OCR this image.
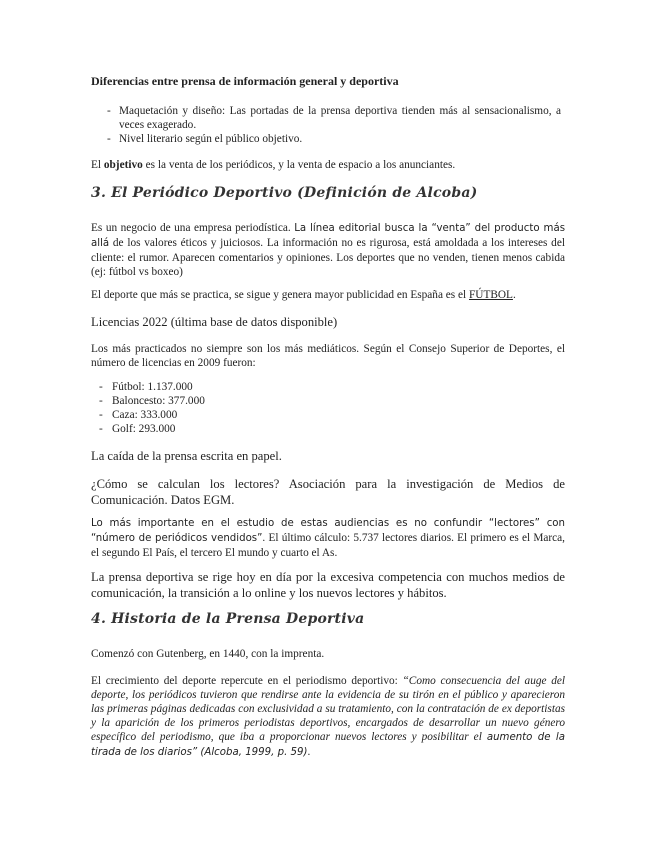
Diferencias entre prensa de información general y deportiva
- Maquetación y diseño: Las portadas de la prensa deportiva tienden más al sensacionalismo, a veces exagerado.
- Nivel literario según el público objetivo.
El objetivo es la venta de los periódicos, y la venta de espacio a los anunciantes.
3. El Periódico Deportivo (Definición de Alcoba)
Es un negocio de una empresa periodística. La línea editorial busca la “venta” del producto más allá de los valores éticos y juiciosos. La información no es rigurosa, está amoldada a los intereses del cliente: el rumor. Aparecen comentarios y opiniones. Los deportes que no venden, tienen menos cabida (ej: fútbol vs boxeo)
El deporte que más se practica, se sigue y genera mayor publicidad en España es el FÚTBOL.
Licencias 2022 (última base de datos disponible)
Los más practicados no siempre son los más mediáticos. Según el Consejo Superior de Deportes, el número de licencias en 2009 fueron:
- Fútbol: 1.137.000
- Baloncesto: 377.000
- Caza: 333.000
- Golf: 293.000
La caída de la prensa escrita en papel.
¿Cómo se calculan los lectores? Asociación para la investigación de Medios de Comunicación. Datos EGM.
Lo más importante en el estudio de estas audiencias es no confundir “lectores” con “número de periódicos vendidos”. El último cálculo: 5.737 lectores diarios. El primero es el Marca, el segundo El País, el tercero El mundo y cuarto el As.
La prensa deportiva se rige hoy en día por la excesiva competencia con muchos medios de comunicación, la transición a lo online y los nuevos lectores y hábitos.
4. Historia de la Prensa Deportiva
Comenzó con Gutenberg, en 1440, con la imprenta.
El crecimiento del deporte repercute en el periodismo deportivo: “Como consecuencia del auge del deporte, los periódicos tuvieron que rendirse ante la evidencia de su tirón en el público y aparecieron las primeras páginas dedicadas con exclusividad a su tratamiento, con la contratación de ex deportistas y la aparición de los primeros periodistas deportivos, encargados de desarrollar un nuevo género específico del periodismo, que iba a proporcionar nuevos lectores y posibilitar el aumento de la tirada de los diarios” (Alcoba, 1999, p. 59).
